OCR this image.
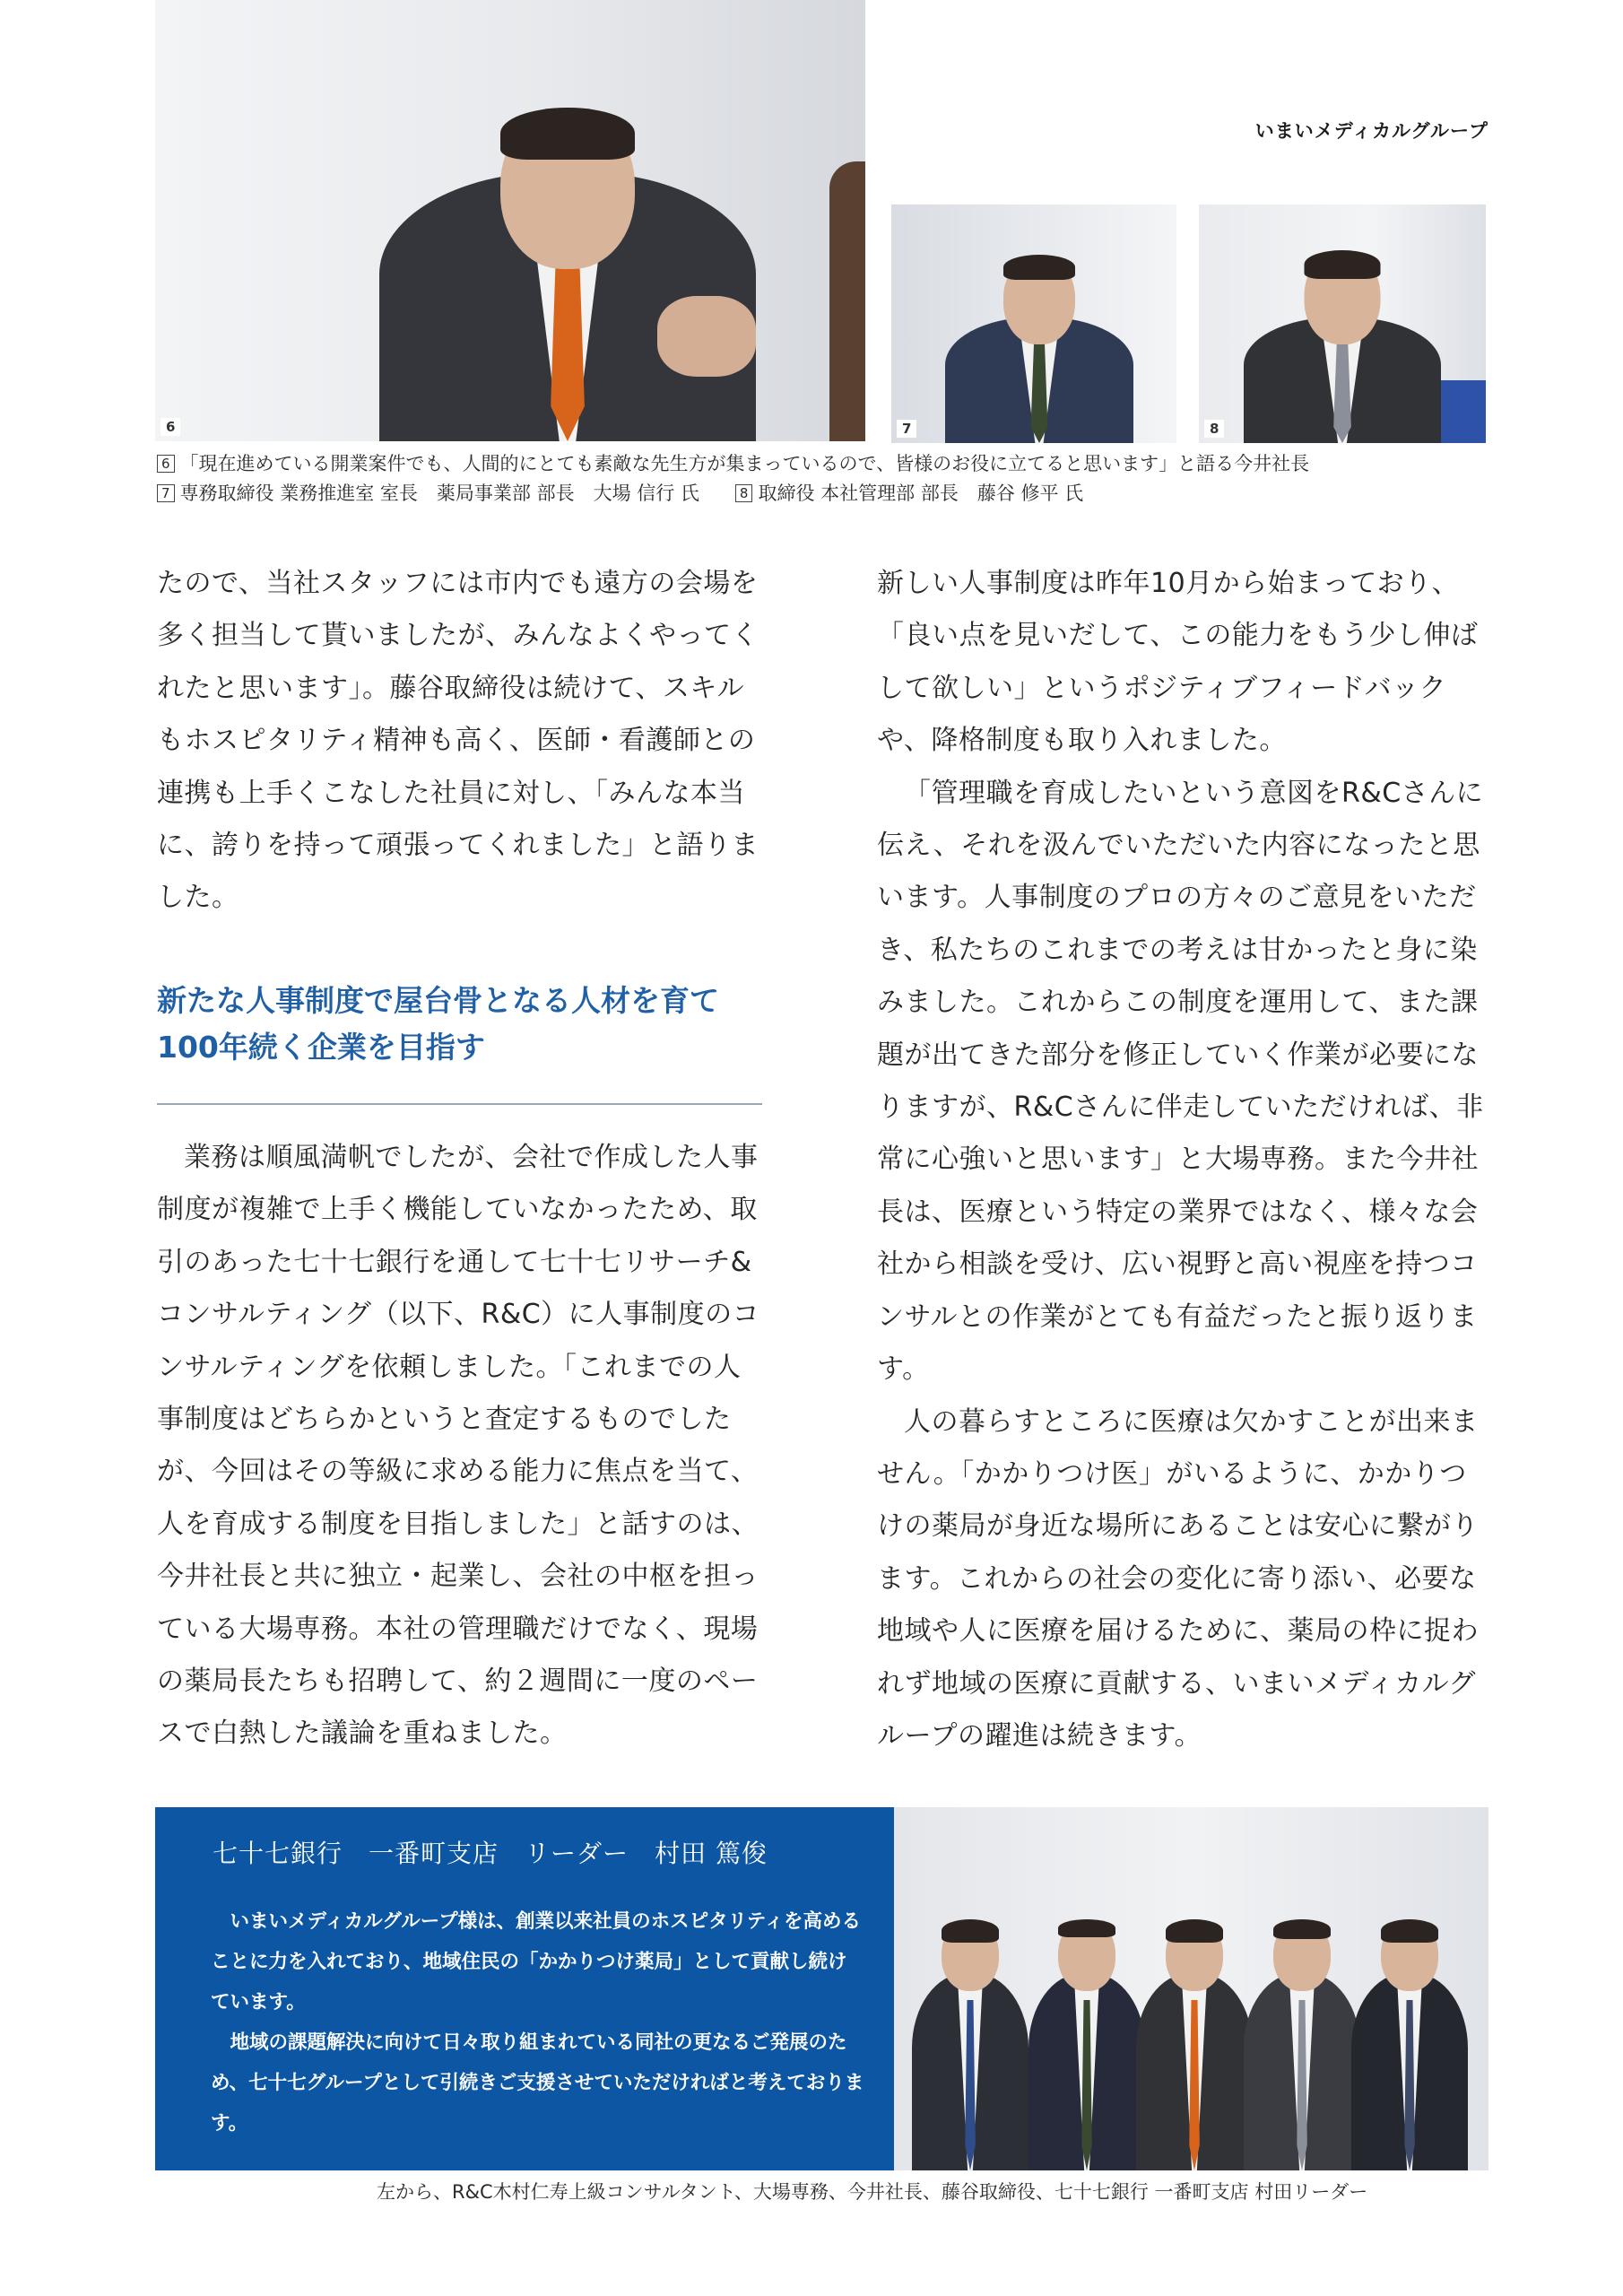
いまいメディカルグループ
6	7	8
6 「現在進めている開業案件でも、人間的にとても素敵な先生方が集まっているので、皆様のお役に立てると思います」と語る今井社長
7 専務取締役 業務推進室 室長　薬局事業部 部長　大場 信行 氏	8 取締役 本社管理部 部長　藤谷 修平 氏

たので、当社スタッフには市内でも遠方の会場を多く担当して貰いましたが、みんなよくやってくれたと思います」。藤谷取締役は続けて、スキルもホスピタリティ精神も高く、医師・看護師との連携も上手くこなした社員に対し、「みんな本当に、誇りを持って頑張ってくれました」と語りました。

新たな人事制度で屋台骨となる人材を育て
100年続く企業を目指す

業務は順風満帆でしたが、会社で作成した人事制度が複雑で上手く機能していなかったため、取引のあった七十七銀行を通して七十七リサーチ&コンサルティング（以下、R&C）に人事制度のコンサルティングを依頼しました。「これまでの人事制度はどちらかというと査定するものでしたが、今回はその等級に求める能力に焦点を当て、人を育成する制度を目指しました」と話すのは、今井社長と共に独立・起業し、会社の中枢を担っている大場専務。本社の管理職だけでなく、現場の薬局長たちも招聘して、約２週間に一度のペースで白熱した議論を重ねました。

新しい人事制度は昨年10月から始まっており、「良い点を見いだして、この能力をもう少し伸ばして欲しい」というポジティブフィードバックや、降格制度も取り入れました。

「管理職を育成したいという意図をR&Cさんに伝え、それを汲んでいただいた内容になったと思います。人事制度のプロの方々のご意見をいただき、私たちのこれまでの考えは甘かったと身に染みました。これからこの制度を運用して、また課題が出てきた部分を修正していく作業が必要になりますが、R&Cさんに伴走していただければ、非常に心強いと思います」と大場専務。また今井社長は、医療という特定の業界ではなく、様々な会社から相談を受け、広い視野と高い視座を持つコンサルとの作業がとても有益だったと振り返ります。

人の暮らすところに医療は欠かすことが出来ません。「かかりつけ医」がいるように、かかりつけの薬局が身近な場所にあることは安心に繋がります。これからの社会の変化に寄り添い、必要な地域や人に医療を届けるために、薬局の枠に捉われず地域の医療に貢献する、いまいメディカルグループの躍進は続きます。

七十七銀行　一番町支店　リーダー　村田 篤俊

いまいメディカルグループ様は、創業以来社員のホスピタリティを高めることに力を入れており、地域住民の「かかりつけ薬局」として貢献し続けています。

地域の課題解決に向けて日々取り組まれている同社の更なるご発展のため、七十七グループとして引続きご支援させていただければと考えております。

左から、R&C木村仁寿上級コンサルタント、大場専務、今井社長、藤谷取締役、七十七銀行 一番町支店 村田リーダー
